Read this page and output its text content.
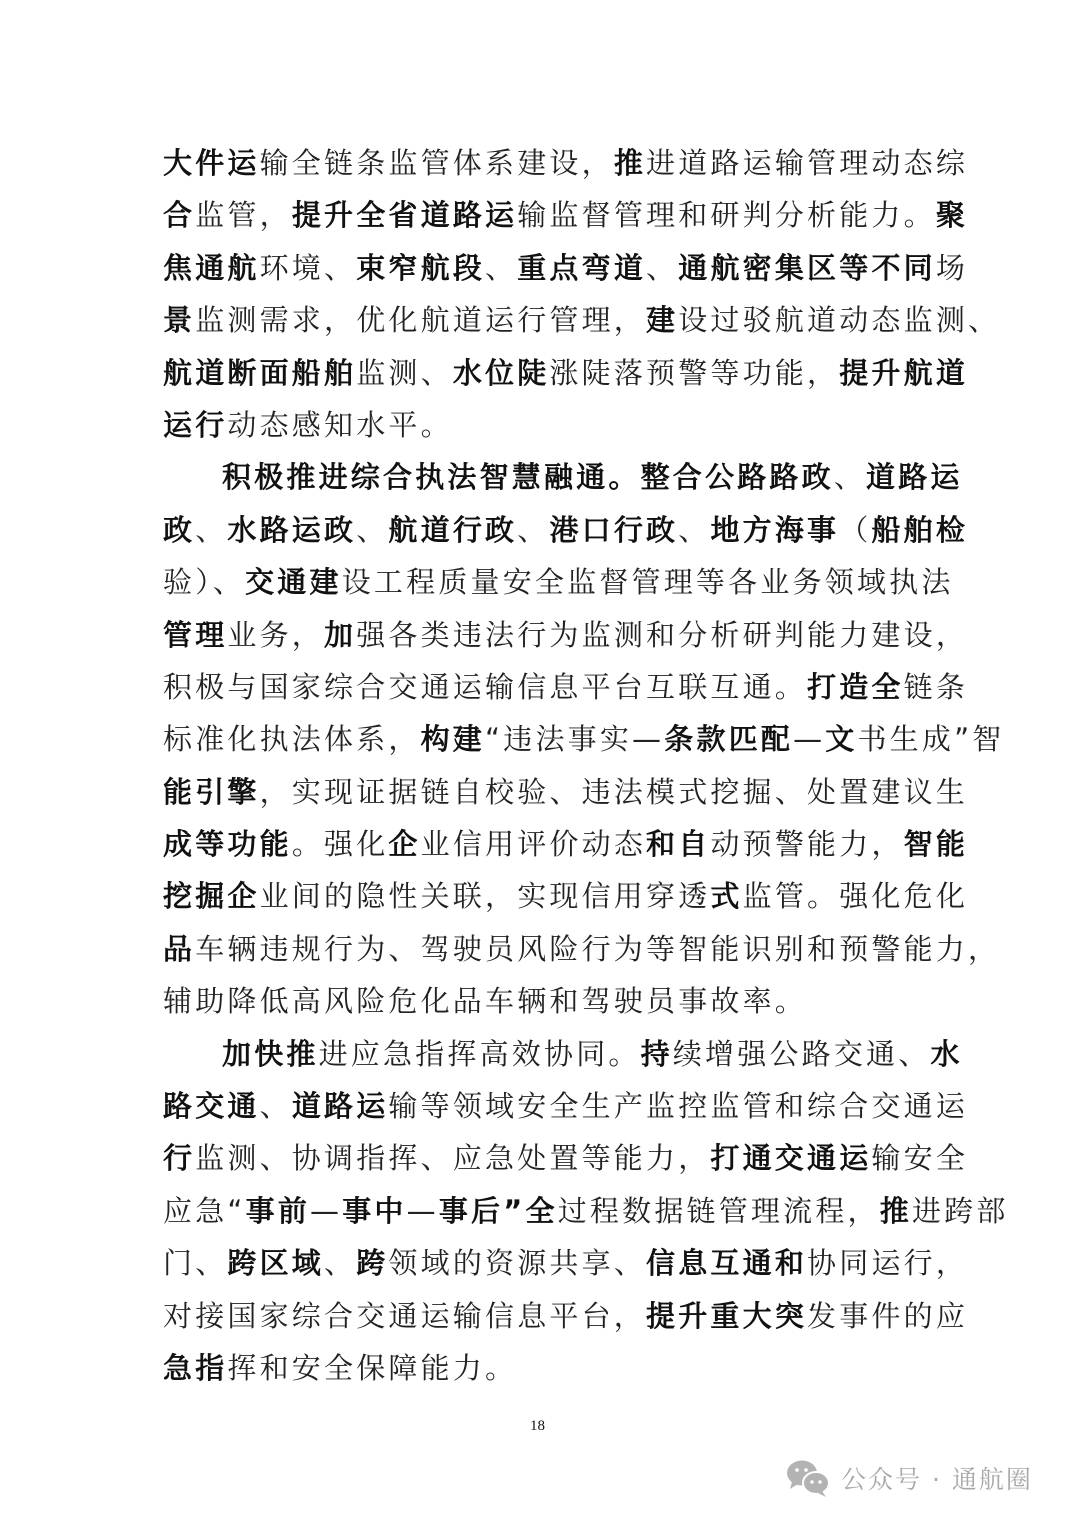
大件运输全链条监管体系建设，推进道路运输管理动态综
合监管，提升全省道路运输监督管理和研判分析能力。聚
焦通航环境、束窄航段、重点弯道、通航密集区等不同场
景监测需求，优化航道运行管理，建设过驳航道动态监测、
航道断面船舶监测、水位陡涨陡落预警等功能，提升航道
运行动态感知水平。
积极推进综合执法智慧融通。整合公路路政、道路运
政、水路运政、航道行政、港口行政、地方海事（船舶检
验）、交通建设工程质量安全监督管理等各业务领域执法
管理业务，加强各类违法行为监测和分析研判能力建设，
积极与国家综合交通运输信息平台互联互通。打造全链条
标准化执法体系，构建“违法事实—条款匹配—文书生成”智
能引擎，实现证据链自校验、违法模式挖掘、处置建议生
成等功能。强化企业信用评价动态和自动预警能力，智能
挖掘企业间的隐性关联，实现信用穿透式监管。强化危化
品车辆违规行为、驾驶员风险行为等智能识别和预警能力，
辅助降低高风险危化品车辆和驾驶员事故率。
加快推进应急指挥高效协同。持续增强公路交通、水
路交通、道路运输等领域安全生产监控监管和综合交通运
行监测、协调指挥、应急处置等能力，打通交通运输安全
应急“事前—事中—事后”全过程数据链管理流程，推进跨部
门、跨区域、跨领域的资源共享、信息互通和协同运行，
对接国家综合交通运输信息平台，提升重大突发事件的应
急指挥和安全保障能力。
18
公众号 · 通航圈
